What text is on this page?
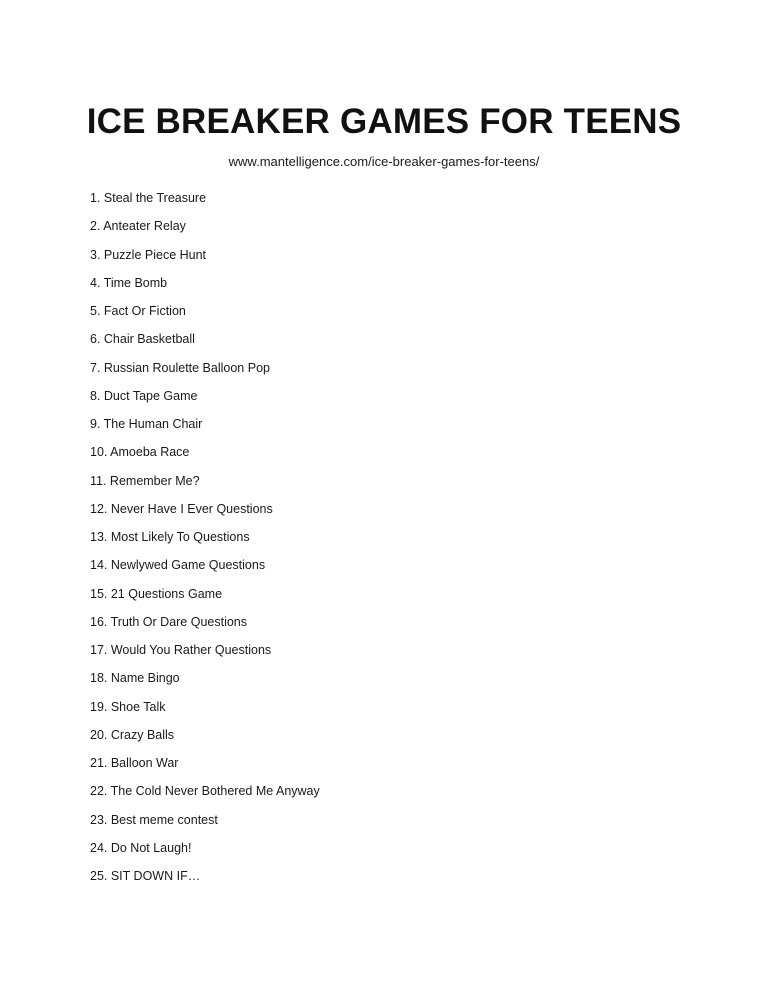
ICE BREAKER GAMES FOR TEENS
www.mantelligence.com/ice-breaker-games-for-teens/
1. Steal the Treasure
2. Anteater Relay
3. Puzzle Piece Hunt
4. Time Bomb
5. Fact Or Fiction
6. Chair Basketball
7. Russian Roulette Balloon Pop
8. Duct Tape Game
9. The Human Chair
10. Amoeba Race
11. Remember Me?
12. Never Have I Ever Questions
13. Most Likely To Questions
14. Newlywed Game Questions
15. 21 Questions Game
16. Truth Or Dare Questions
17. Would You Rather Questions
18. Name Bingo
19. Shoe Talk
20. Crazy Balls
21. Balloon War
22. The Cold Never Bothered Me Anyway
23. Best meme contest
24. Do Not Laugh!
25. SIT DOWN IF…
